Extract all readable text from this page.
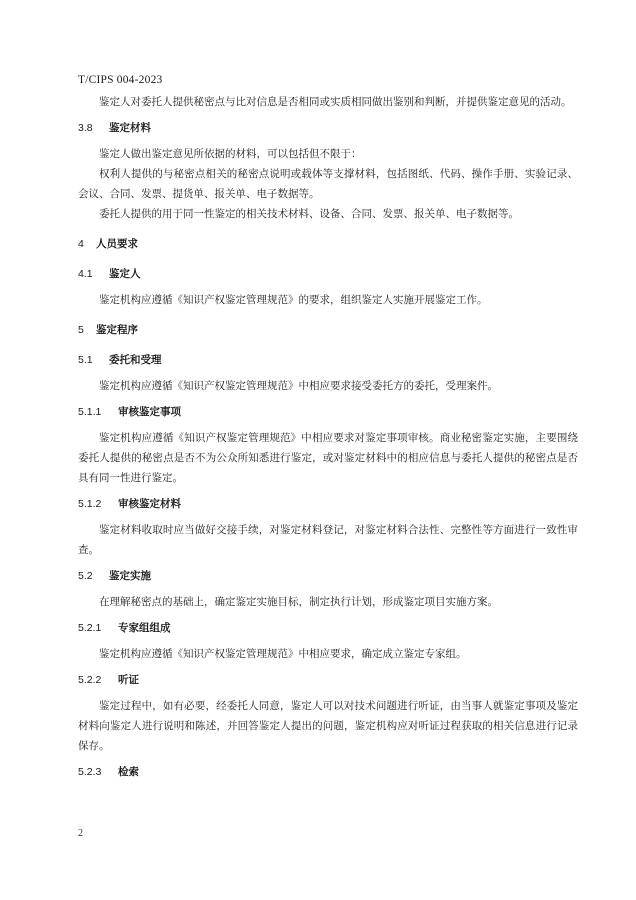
T/CIPS 004-2023

鉴定人对委托人提供秘密点与比对信息是否相同或实质相同做出鉴别和判断，并提供鉴定意见的活动。

3.8	鉴定材料

鉴定人做出鉴定意见所依据的材料，可以包括但不限于：

权利人提供的与秘密点相关的秘密点说明或载体等支撑材料，包括图纸、代码、操作手册、实验记录、会议、合同、发票、提货单、报关单、电子数据等。

委托人提供的用于同一性鉴定的相关技术材料、设备、合同、发票、报关单、电子数据等。

4	人员要求
4.1	鉴定人

鉴定机构应遵循《知识产权鉴定管理规范》的要求，组织鉴定人实施开展鉴定工作。

5	鉴定程序
5.1	委托和受理

鉴定机构应遵循《知识产权鉴定管理规范》中相应要求接受委托方的委托，受理案件。

5.1.1	审核鉴定事项

鉴定机构应遵循《知识产权鉴定管理规范》中相应要求对鉴定事项审核。商业秘密鉴定实施，主要围绕委托人提供的秘密点是否不为公众所知悉进行鉴定，或对鉴定材料中的相应信息与委托人提供的秘密点是否具有同一性进行鉴定。

5.1.2	审核鉴定材料

鉴定材料收取时应当做好交接手续，对鉴定材料登记，对鉴定材料合法性、完整性等方面进行一致性审查。

5.2	鉴定实施

在理解秘密点的基础上，确定鉴定实施目标，制定执行计划，形成鉴定项目实施方案。

5.2.1	专家组组成

鉴定机构应遵循《知识产权鉴定管理规范》中相应要求，确定成立鉴定专家组。

5.2.2	听证

鉴定过程中，如有必要，经委托人同意，鉴定人可以对技术问题进行听证，由当事人就鉴定事项及鉴定材料向鉴定人进行说明和陈述，并回答鉴定人提出的问题，鉴定机构应对听证过程获取的相关信息进行记录保存。

5.2.3	检索
2
